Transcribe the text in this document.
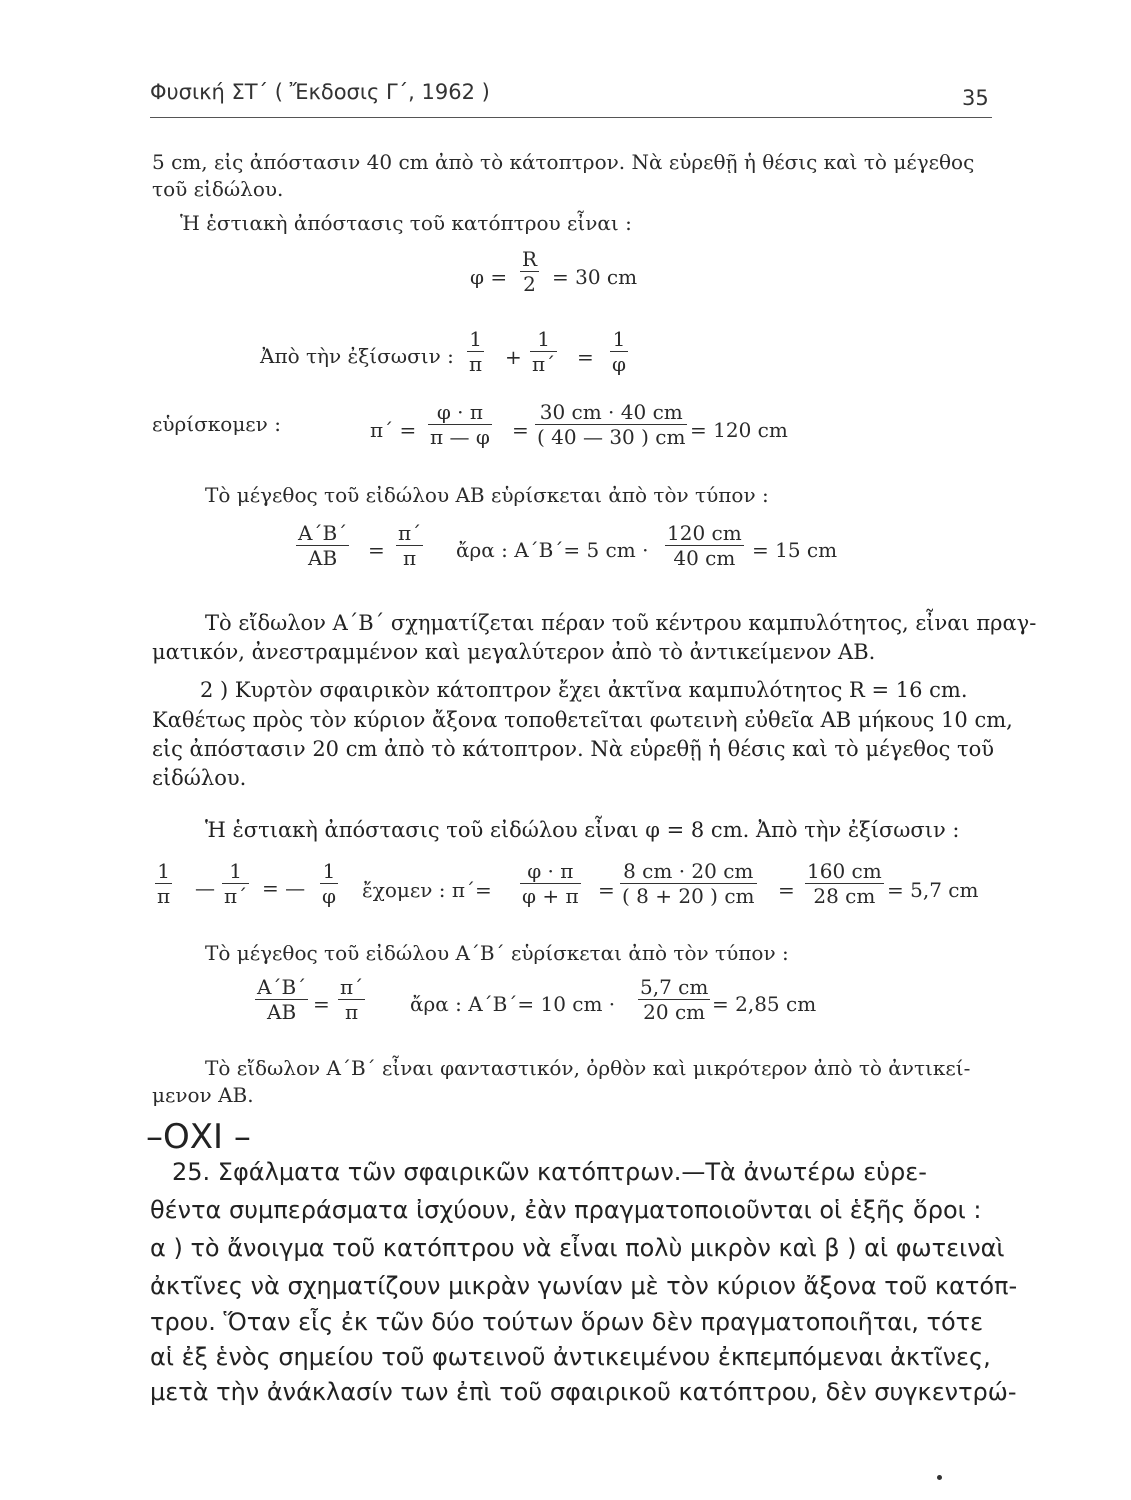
Φυσική ΣΤ΄ ( Ἔκδοσις Γ΄, 1962 )	35
5 cm, εἰς ἀπόστασιν 40 cm ἀπὸ τὸ κάτοπτρον. Νὰ εὑρεθῇ ἡ θέσις καὶ τὸ μέγεθος
τοῦ εἰδώλου.
Ἡ ἑστιακὴ ἀπόστασις τοῦ κατόπτρου εἶναι :
$\varphi = \frac{R}{2} = 30$ cm
Ἀπὸ τὴν ἐξίσωσιν : $\frac{1}{\pi} + \frac{1}{\pi΄} = \frac{1}{\varphi}$
εὑρίσκομεν :	$\pi΄ = \frac{\varphi \cdot \pi}{\pi — \varphi} = \frac{30 cm \cdot 40 cm}{( 40 — 30 ) cm} = 120$ cm
Τὸ μέγεθος τοῦ εἰδώλου ΑΒ εὑρίσκεται ἀπὸ τὸν τύπον :
$\frac{A΄B΄}{AB} = \frac{\pi΄}{\pi}$ ἄρα : Α΄Β΄= 5 cm · $\frac{120 cm}{40 cm} = 15$ cm
Τὸ εἴδωλον Α΄Β΄ σχηματίζεται πέραν τοῦ κέντρου καμπυλότητος, εἶναι πραγ-
ματικόν, ἀνεστραμμένον καὶ μεγαλύτερον ἀπὸ τὸ ἀντικείμενον ΑΒ.
2 ) Κυρτὸν σφαιρικὸν κάτοπτρον ἔχει ἀκτῖνα καμπυλότητος R = 16 cm.
Καθέτως πρὸς τὸν κύριον ἄξονα τοποθετεῖται φωτεινὴ εὐθεῖα ΑΒ μήκους 10 cm,
εἰς ἀπόστασιν 20 cm ἀπὸ τὸ κάτοπτρον. Νὰ εὑρεθῇ ἡ θέσις καὶ τὸ μέγεθος τοῦ
εἰδώλου.
Ἡ ἑστιακὴ ἀπόστασις τοῦ εἰδώλου εἶναι φ = 8 cm. Ἀπὸ τὴν ἐξίσωσιν :
$\frac{1}{\pi}$ — $\frac{1}{\pi΄}$ = — $\frac{1}{\varphi}$ ἔχομεν : $\pi΄= \frac{\varphi \cdot \pi}{\varphi + \pi} = \frac{8 cm \cdot 20 cm}{( 8 + 20 ) cm} = \frac{160 cm}{28 cm} = 5,7$ cm
Τὸ μέγεθος τοῦ εἰδώλου Α΄Β΄ εὑρίσκεται ἀπὸ τὸν τύπον :
$\frac{A΄B΄}{AB} = \frac{\pi΄}{\pi}$ ἄρα : Α΄Β΄= 10 cm · $\frac{5,7 cm}{20 cm} = 2,85$ cm
Τὸ εἴδωλον Α΄Β΄ εἶναι φανταστικόν, ὀρθὸν καὶ μικρότερον ἀπὸ τὸ ἀντικεί-
μενον ΑΒ.
–ΟΧΙ –
25. Σφάλματα τῶν σφαιρικῶν κατόπτρων.—Τὰ ἀνωτέρω εὑρε-
θέντα συμπεράσματα ἰσχύουν, ἐὰν πραγματοποιοῦνται οἱ ἑξῆς ὅροι :
α ) τὸ ἄνοιγμα τοῦ κατόπτρου νὰ εἶναι πολὺ μικρὸν καὶ β ) αἱ φωτειναὶ
ἀκτῖνες νὰ σχηματίζουν μικρὰν γωνίαν μὲ τὸν κύριον ἄξονα τοῦ κατόπ-
τρου. Ὅταν εἷς ἐκ τῶν δύο τούτων ὅρων δὲν πραγματοποιῆται, τότε
αἱ ἐξ ἑνὸς σημείου τοῦ φωτεινοῦ ἀντικειμένου ἐκπεμπόμεναι ἀκτῖνες,
μετὰ τὴν ἀνάκλασίν των ἐπὶ τοῦ σφαιρικοῦ κατόπτρου, δὲν συγκεντρώ-
